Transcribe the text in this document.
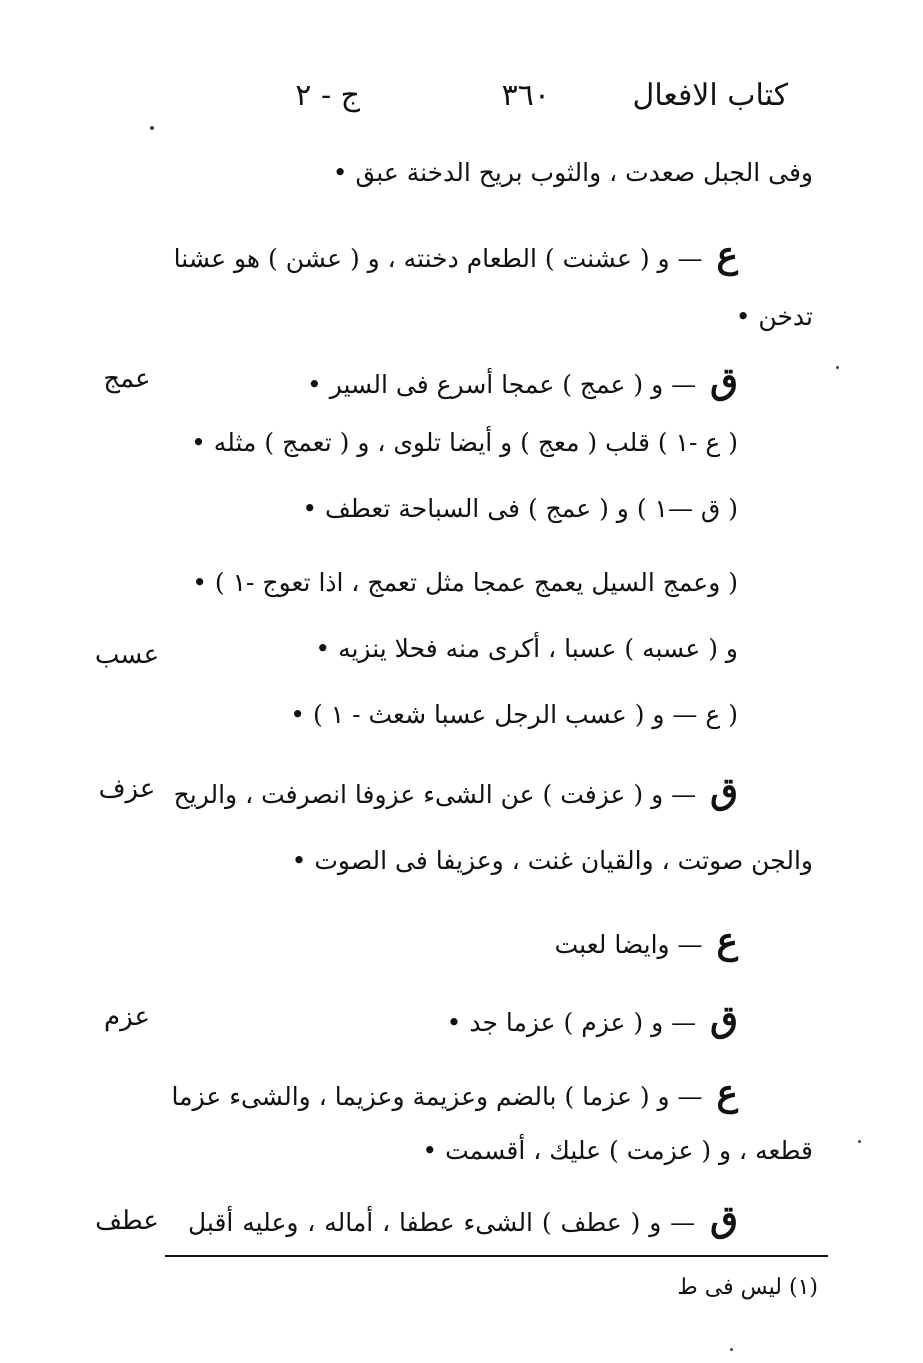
كتاب الافعال
٣٦٠
ج - ٢
وفى الجبل صعدت ، والثوب بريح الدخنة عبق •
ع — و ( عشنت ) الطعام دخنته ، و ( عشن ) هو عشنا
تدخن •
ق — و ( عمج ) عمجا أسرع فى السير •
( ع -١ ) قلب ( معج ) و أيضا تلوى ، و ( تعمج ) مثله •
( ق —١ ) و ( عمج ) فى السباحة تعطف •
( وعمج السيل يعمج عمجا مثل تعمج ، اذا تعوج -١ ) •
و ( عسبه ) عسبا ، أكرى منه فحلا ينزيه •
( ع — و ( عسب الرجل عسبا شعث - ١ ) •
ق — و ( عزفت ) عن الشىء عزوفا انصرفت ، والريح
والجن صوتت ، والقيان غنت ، وعزيفا فى الصوت •
ع — وايضا لعبت
ق — و ( عزم ) عزما جد •
ع — و ( عزما ) بالضم وعزيمة وعزيما ، والشىء عزما
قطعه ، و ( عزمت ) عليك ، أقسمت •
ق — و ( عطف ) الشىء عطفا ، أماله ، وعليه أقبل
عمج
عسب
عزف
عزم
عطف
(١) ليس فى ط
